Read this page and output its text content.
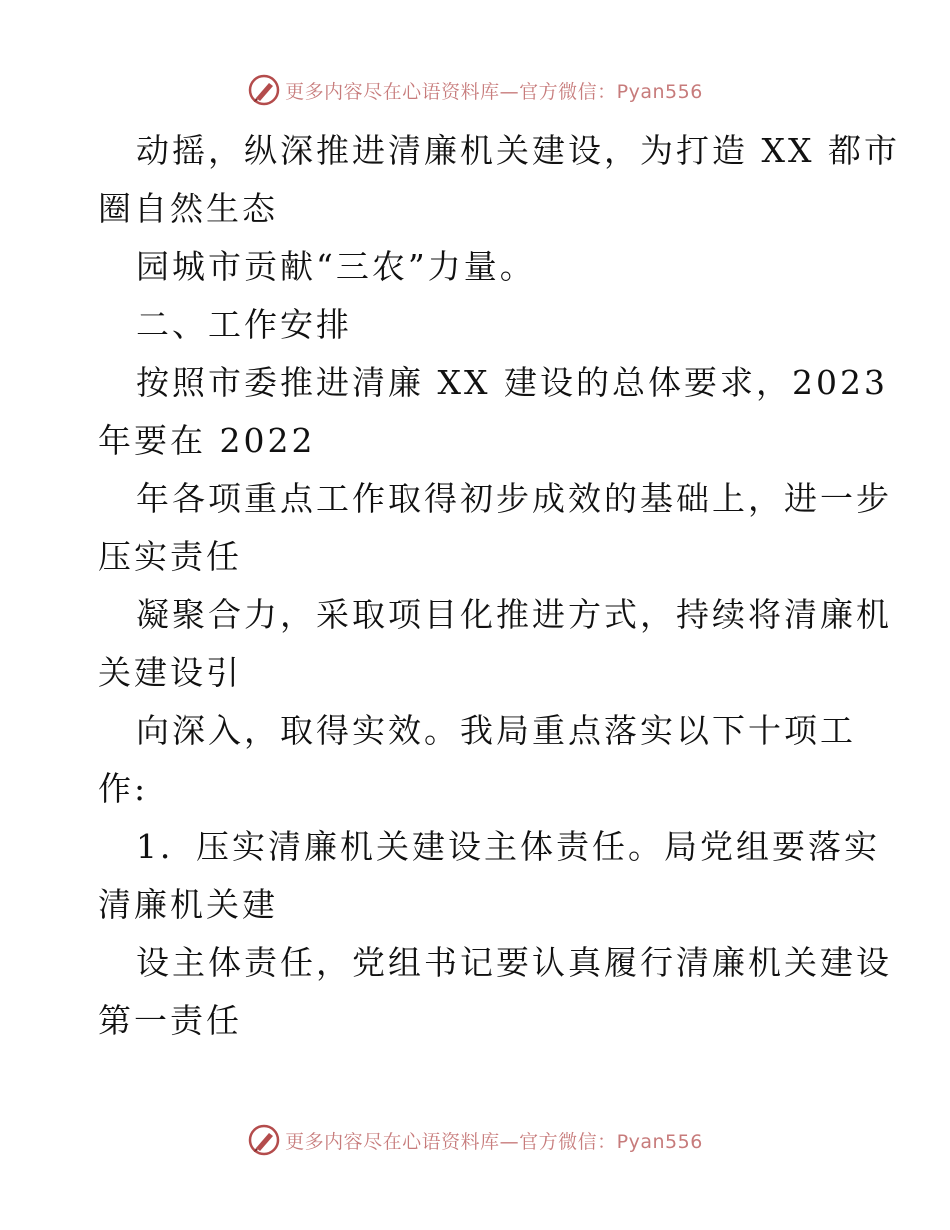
更多内容尽在心语资料库—官方微信：Pyan556
动摇，纵深推进清廉机关建设，为打造 XX 都市
圈自然生态
园城市贡献“三农”力量。
二、工作安排
按照市委推进清廉 XX 建设的总体要求，2023
年要在 2022
年各项重点工作取得初步成效的基础上，进一步
压实责任
凝聚合力，采取项目化推进方式，持续将清廉机
关建设引
向深入，取得实效。我局重点落实以下十项工
作:
1．压实清廉机关建设主体责任。局党组要落实
清廉机关建
设主体责任，党组书记要认真履行清廉机关建设
第一责任
更多内容尽在心语资料库—官方微信：Pyan556
